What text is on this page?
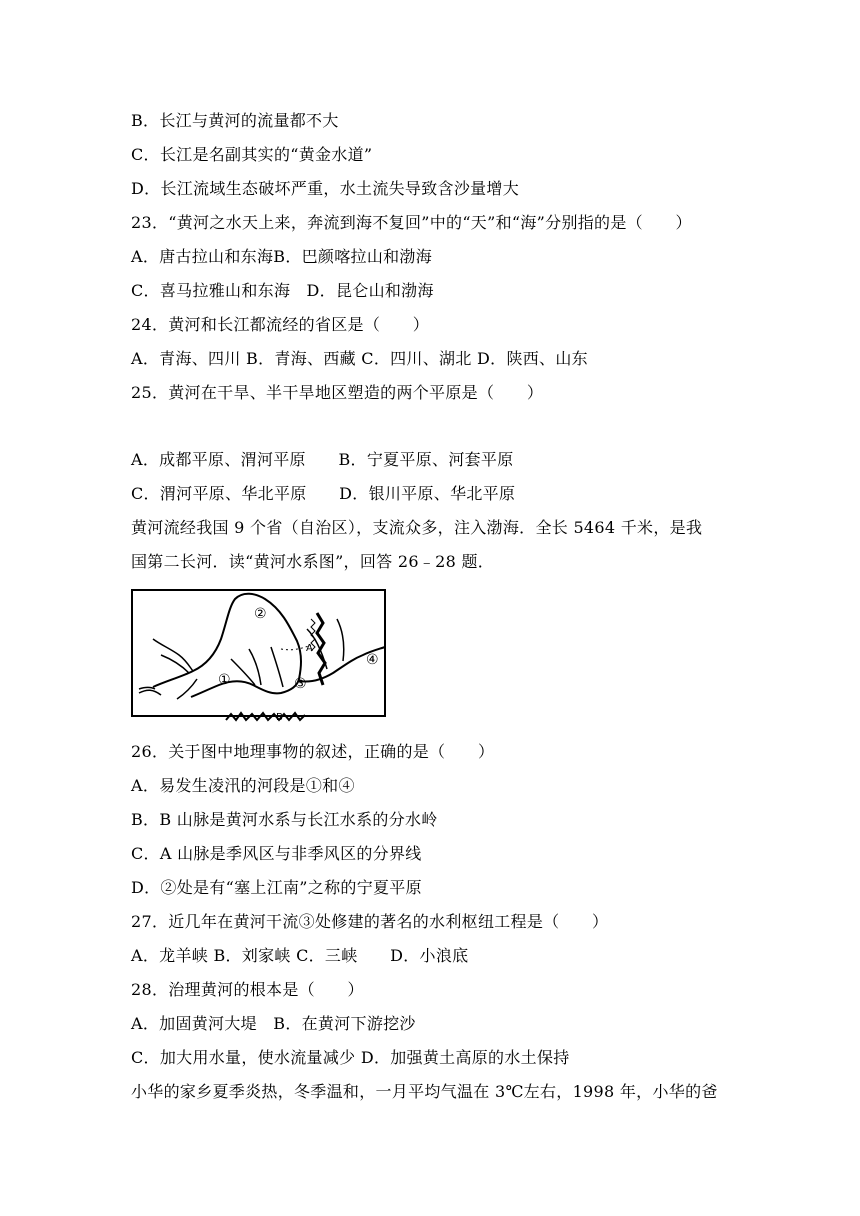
B．长江与黄河的流量都不大
C．长江是名副其实的“黄金水道”
D．长江流域生态破坏严重，水土流失导致含沙量增大
23．“黄河之水天上来，奔流到海不复回”中的“天”和“海”分别指的是（　　）
A．唐古拉山和东海B．巴颜喀拉山和渤海
C．喜马拉雅山和东海　D．昆仑山和渤海
24．黄河和长江都流经的省区是（　　）
A．青海、四川 B．青海、西藏 C．四川、湖北 D．陕西、山东
25．黄河在干旱、半干旱地区塑造的两个平原是（　　）
A．成都平原、渭河平原　　B．宁夏平原、河套平原
C．渭河平原、华北平原　　D．银川平原、华北平原
黄河流经我国 9 个省（自治区），支流众多，注入渤海．全长 5464 千米，是我
国第二长河．读“黄河水系图”，回答 26﹣28 题．
②
①	③
④
A
B
26．关于图中地理事物的叙述，正确的是（　　）
A．易发生凌汛的河段是①和④
B．B 山脉是黄河水系与长江水系的分水岭
C．A 山脉是季风区与非季风区的分界线
D．②处是有“塞上江南”之称的宁夏平原
27．近几年在黄河干流③处修建的著名的水利枢纽工程是（　　）
A．龙羊峡 B．刘家峡 C．三峡　　D．小浪底
28．治理黄河的根本是（　　）
A．加固黄河大堤　B．在黄河下游挖沙
C．加大用水量，使水流量减少 D．加强黄土高原的水土保持
小华的家乡夏季炎热，冬季温和，一月平均气温在 3℃左右，1998 年，小华的爸
